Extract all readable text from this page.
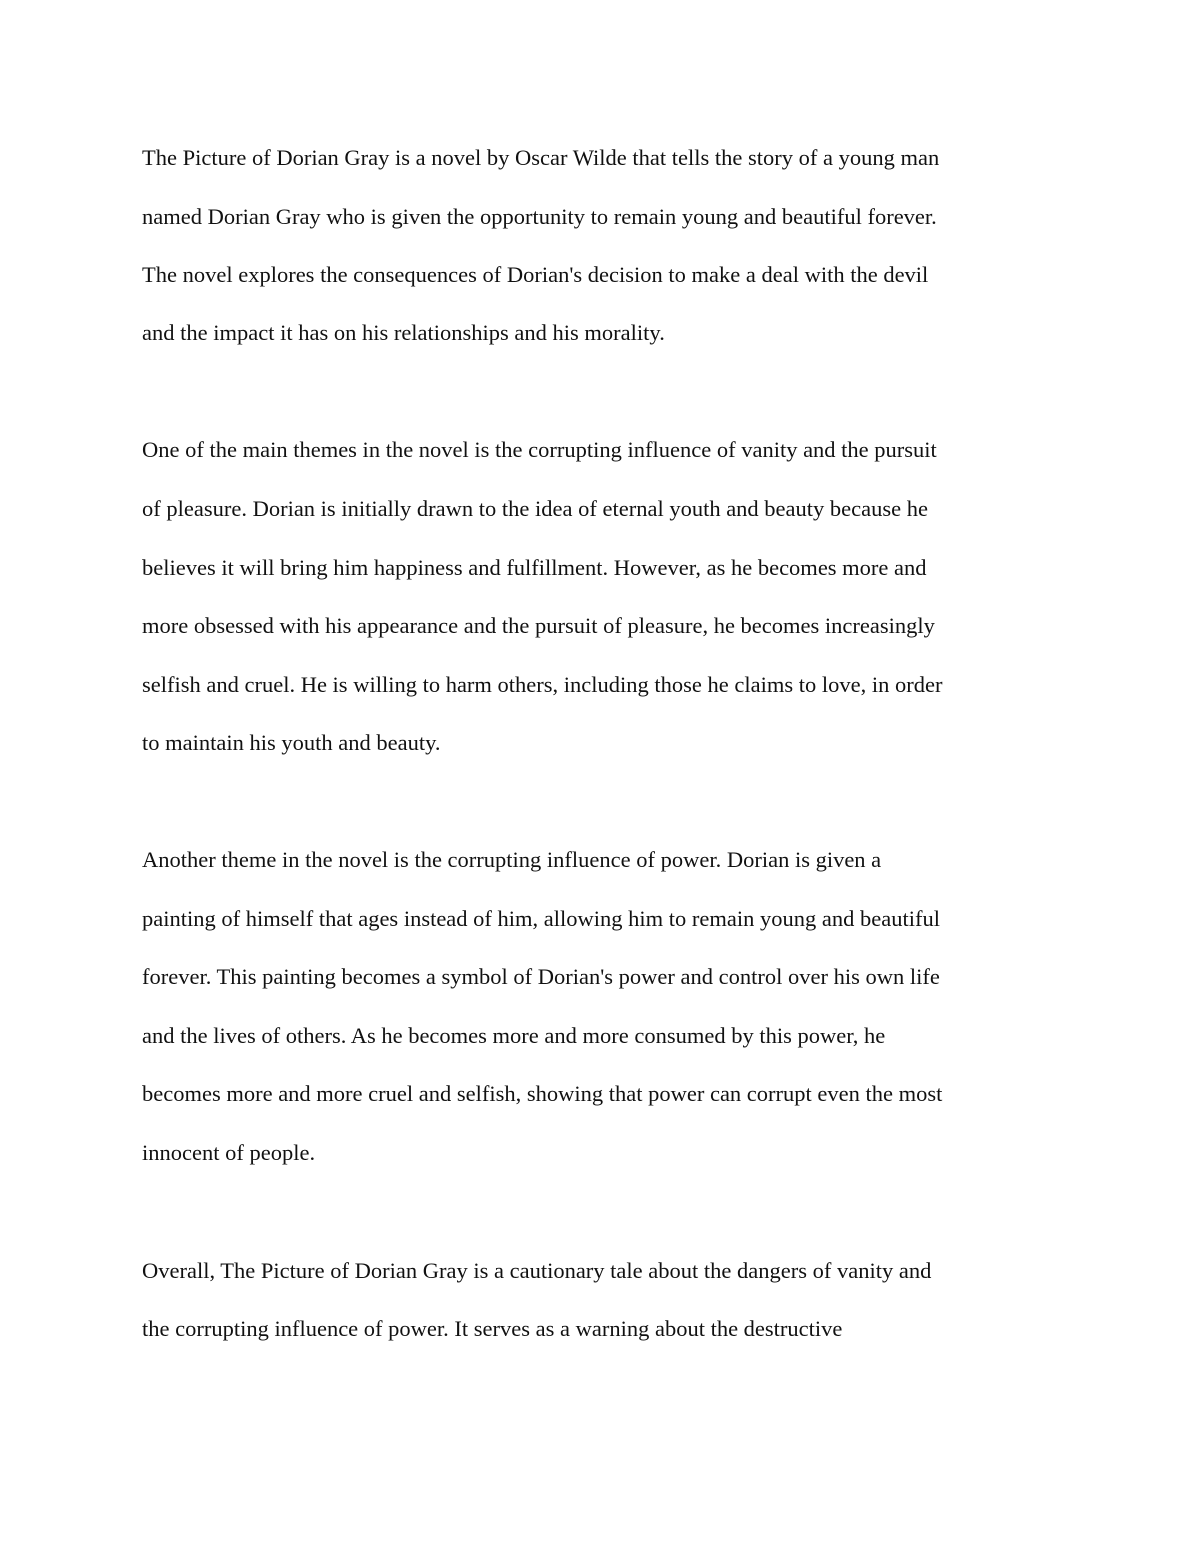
The Picture of Dorian Gray is a novel by Oscar Wilde that tells the story of a young man
named Dorian Gray who is given the opportunity to remain young and beautiful forever.
The novel explores the consequences of Dorian's decision to make a deal with the devil
and the impact it has on his relationships and his morality.
One of the main themes in the novel is the corrupting influence of vanity and the pursuit
of pleasure. Dorian is initially drawn to the idea of eternal youth and beauty because he
believes it will bring him happiness and fulfillment. However, as he becomes more and
more obsessed with his appearance and the pursuit of pleasure, he becomes increasingly
selfish and cruel. He is willing to harm others, including those he claims to love, in order
to maintain his youth and beauty.
Another theme in the novel is the corrupting influence of power. Dorian is given a
painting of himself that ages instead of him, allowing him to remain young and beautiful
forever. This painting becomes a symbol of Dorian's power and control over his own life
and the lives of others. As he becomes more and more consumed by this power, he
becomes more and more cruel and selfish, showing that power can corrupt even the most
innocent of people.
Overall, The Picture of Dorian Gray is a cautionary tale about the dangers of vanity and
the corrupting influence of power. It serves as a warning about the destructive
